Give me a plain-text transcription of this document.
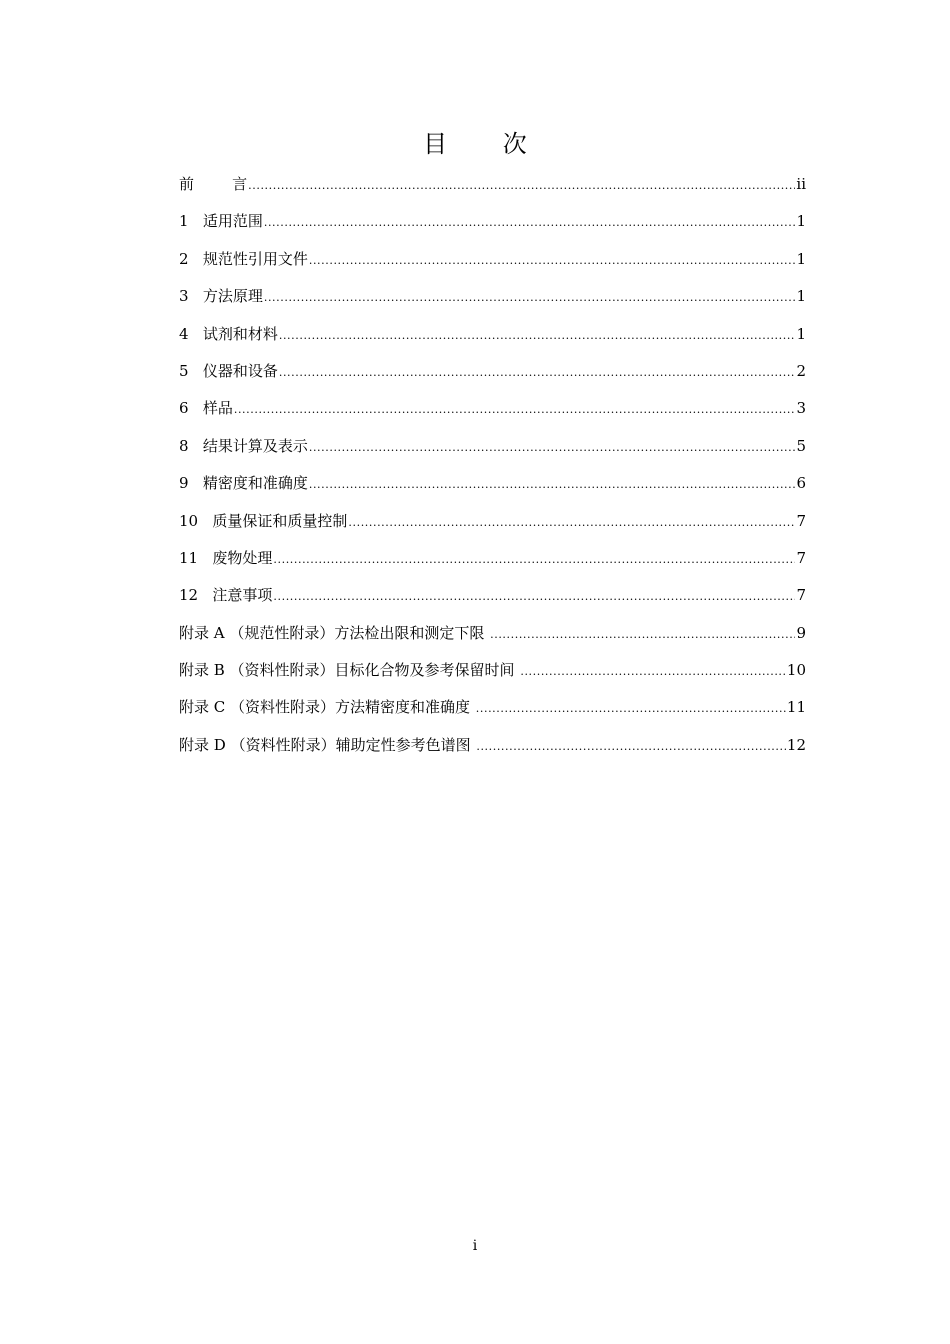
目 次
前        言 .....	ii
1   适用范围 .....	1
2   规范性引用文件 .....	1
3   方法原理 .....	1
4   试剂和材料 .....	1
5   仪器和设备 .....	2
6   样品 .....	3
8   结果计算及表示 .....	5
9   精密度和准确度 .....	6
10   质量保证和质量控制 .....	7
11   废物处理 .....	7
12   注意事项 .....	7
附录 A （规范性附录）方法检出限和测定下限 .....	9
附录 B （资料性附录）目标化合物及参考保留时间 .....	10
附录 C （资料性附录）方法精密度和准确度 .....	11
附录 D （资料性附录）辅助定性参考色谱图 .....	12
i
